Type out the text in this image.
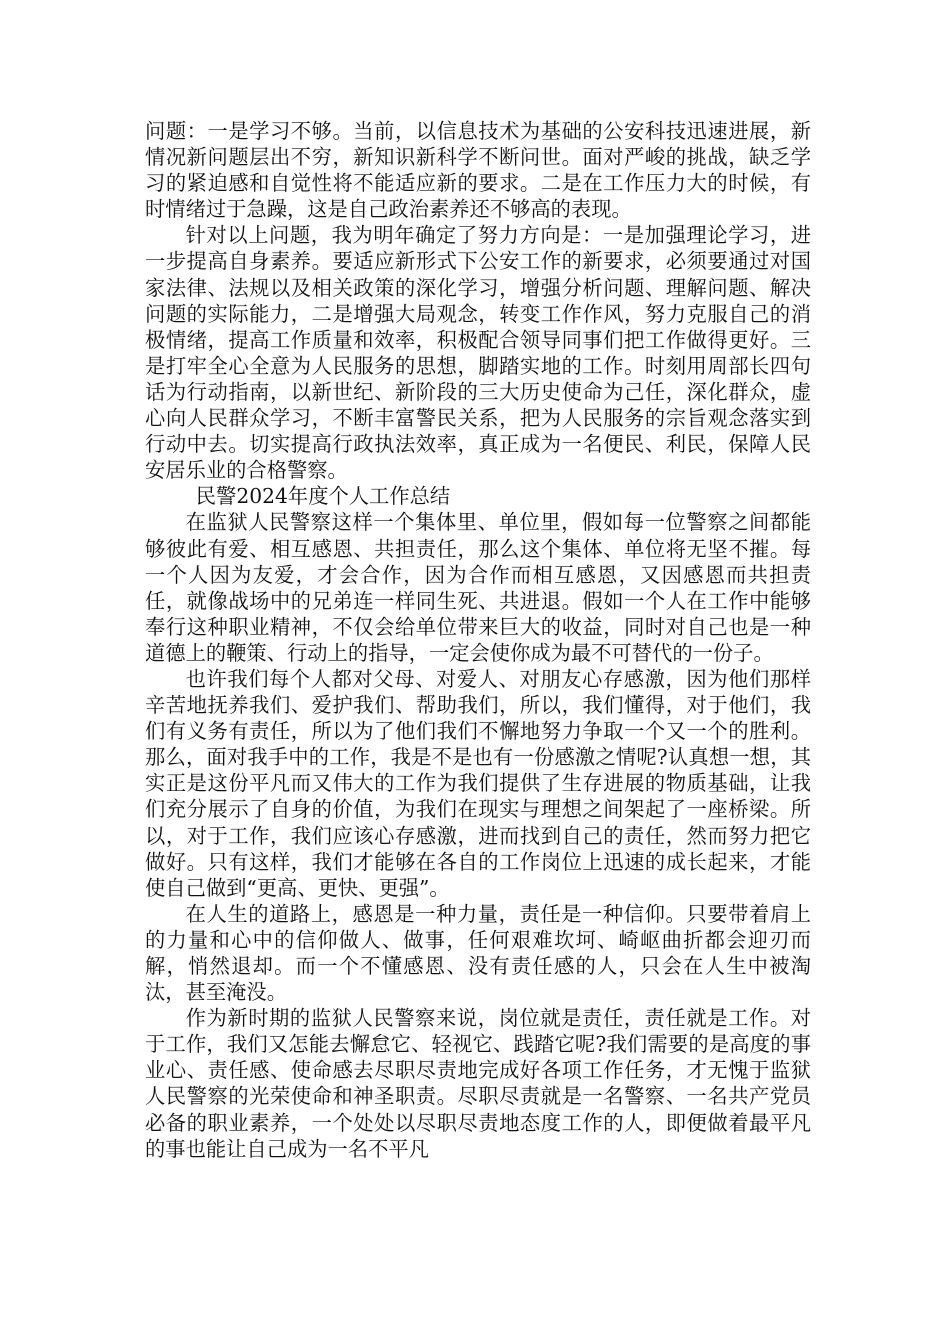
问题：一是学习不够。当前，以信息技术为基础的公安科技迅速进展，新情况新问题层出不穷，新知识新科学不断问世。面对严峻的挑战，缺乏学习的紧迫感和自觉性将不能适应新的要求。二是在工作压力大的时候，有时情绪过于急躁，这是自己政治素养还不够高的表现。

针对以上问题，我为明年确定了努力方向是：一是加强理论学习，进一步提高自身素养。要适应新形式下公安工作的新要求，必须要通过对国家法律、法规以及相关政策的深化学习，增强分析问题、理解问题、解决问题的实际能力，二是增强大局观念，转变工作作风，努力克服自己的消极情绪，提高工作质量和效率，积极配合领导同事们把工作做得更好。三是打牢全心全意为人民服务的思想，脚踏实地的工作。时刻用周部长四句话为行动指南，以新世纪、新阶段的三大历史使命为己任，深化群众，虚心向人民群众学习，不断丰富警民关系，把为人民服务的宗旨观念落实到行动中去。切实提高行政执法效率，真正成为一名便民、利民，保障人民安居乐业的合格警察。

民警2024年度个人工作总结

在监狱人民警察这样一个集体里、单位里，假如每一位警察之间都能够彼此有爱、相互感恩、共担责任，那么这个集体、单位将无坚不摧。每一个人因为友爱，才会合作，因为合作而相互感恩，又因感恩而共担责任，就像战场中的兄弟连一样同生死、共进退。假如一个人在工作中能够奉行这种职业精神，不仅会给单位带来巨大的收益，同时对自己也是一种道德上的鞭策、行动上的指导，一定会使你成为最不可替代的一份子。

也许我们每个人都对父母、对爱人、对朋友心存感激，因为他们那样辛苦地抚养我们、爱护我们、帮助我们，所以，我们懂得，对于他们，我们有义务有责任，所以为了他们我们不懈地努力争取一个又一个的胜利。那么，面对我手中的工作，我是不是也有一份感激之情呢?认真想一想，其实正是这份平凡而又伟大的工作为我们提供了生存进展的物质基础，让我们充分展示了自身的价值，为我们在现实与理想之间架起了一座桥梁。所以，对于工作，我们应该心存感激，进而找到自己的责任，然而努力把它做好。只有这样，我们才能够在各自的工作岗位上迅速的成长起来，才能使自己做到“更高、更快、更强”。

在人生的道路上，感恩是一种力量，责任是一种信仰。只要带着肩上的力量和心中的信仰做人、做事，任何艰难坎坷、崎岖曲折都会迎刃而解，悄然退却。而一个不懂感恩、没有责任感的人，只会在人生中被淘汰，甚至淹没。

作为新时期的监狱人民警察来说，岗位就是责任，责任就是工作。对于工作，我们又怎能去懈怠它、轻视它、践踏它呢?我们需要的是高度的事业心、责任感、使命感去尽职尽责地完成好各项工作任务，才无愧于监狱人民警察的光荣使命和神圣职责。尽职尽责就是一名警察、一名共产党员必备的职业素养，一个处处以尽职尽责地态度工作的人，即便做着最平凡的事也能让自己成为一名不平凡
